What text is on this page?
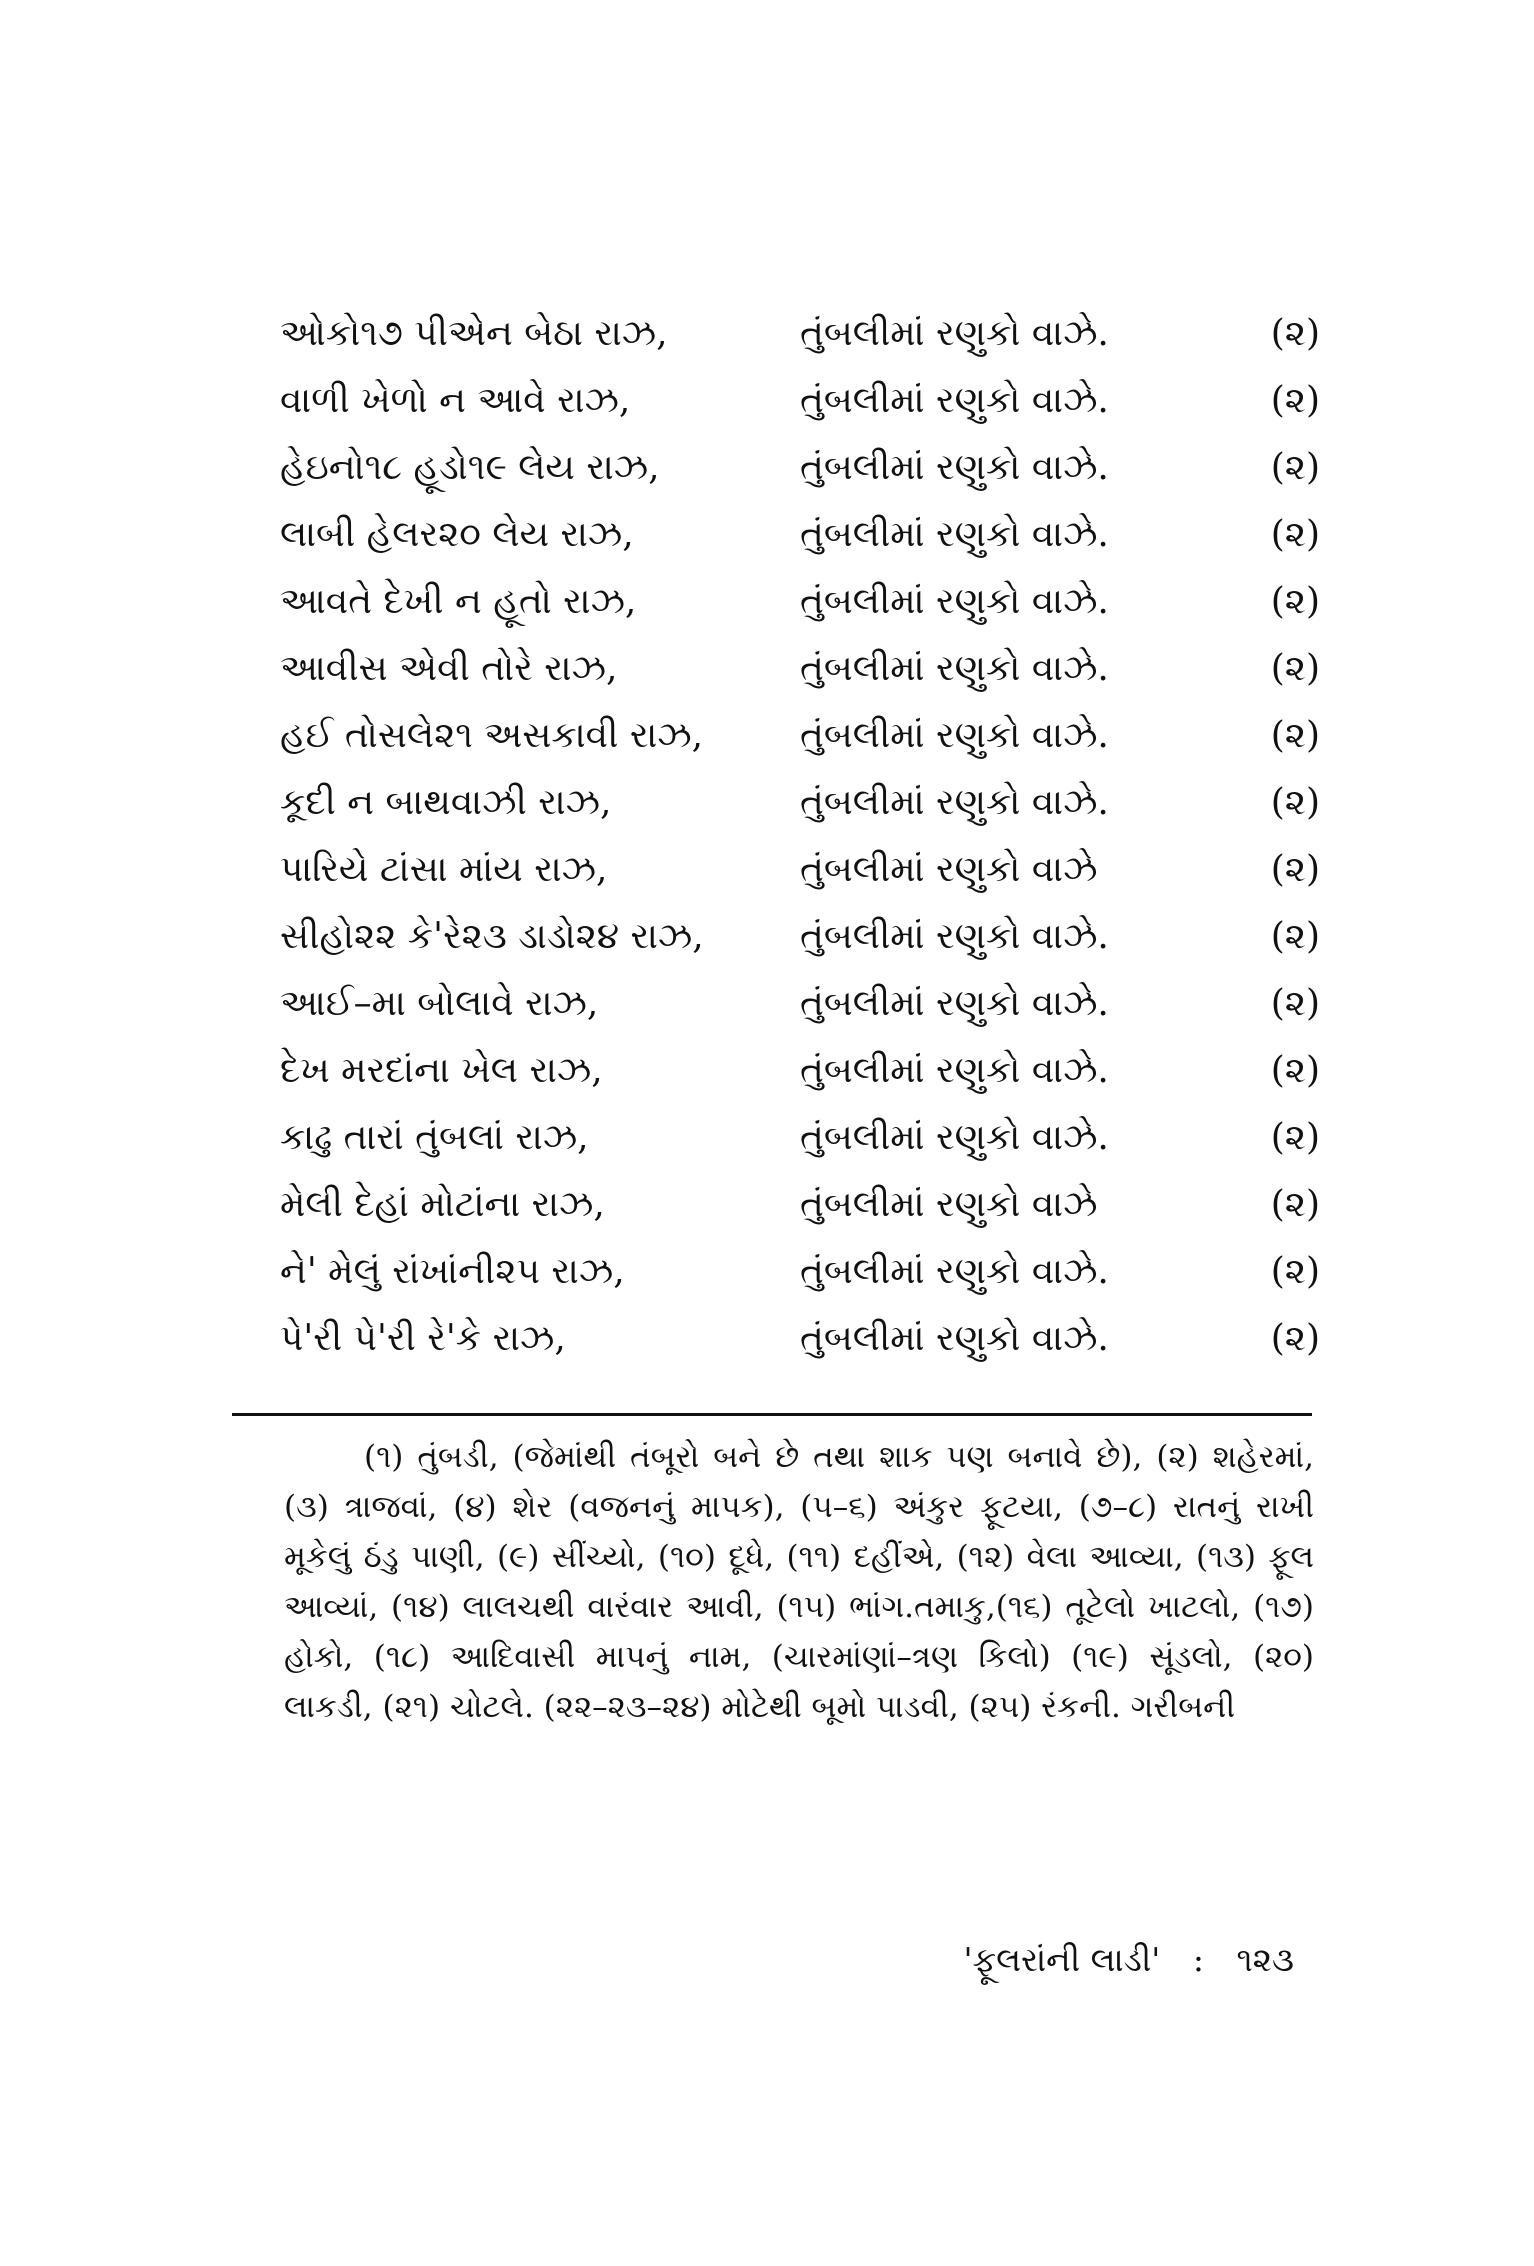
ઓકો૧૭ પીએન બેઠા રાઝ,	તુંબલીમાં રણુકો વાઝે.	(૨)
વાળી ખેળો ન આવે રાઝ,	તુંબલીમાં રણુકો વાઝે.	(૨)
હેઇનો૧૮ હૂડો૧૯ લેય રાઝ,	તુંબલીમાં રણુકો વાઝે.	(૨)
લાબી હેલર૨૦ લેય રાઝ,	તુંબલીમાં રણુકો વાઝે.	(૨)
આવતે દેખી ન હૂતો રાઝ,	તુંબલીમાં રણુકો વાઝે.	(૨)
આવીસ એવી તોરે રાઝ,	તુંબલીમાં રણુકો વાઝે.	(૨)
હઈ તોસલે૨૧ અસકાવી રાઝ,	તુંબલીમાં રણુકો વાઝે.	(૨)
કૂદી ન બાથવાઝી રાઝ,	તુંબલીમાં રણુકો વાઝે.	(૨)
પારિયે ટાંસા માંય રાઝ,	તુંબલીમાં રણુકો વાઝે	(૨)
સીહો૨૨ કે'રે૨૩ ડાડો૨૪ રાઝ,	તુંબલીમાં રણુકો વાઝે.	(૨)
આઈ–મા બોલાવે રાઝ,	તુંબલીમાં રણુકો વાઝે.	(૨)
દેખ મરદાંના ખેલ રાઝ,	તુંબલીમાં રણુકો વાઝે.	(૨)
કાઢુ તારાં તુંબલાં રાઝ,	તુંબલીમાં રણુકો વાઝે.	(૨)
મેલી દેહાં મોટાંના રાઝ,	તુંબલીમાં રણુકો વાઝે	(૨)
ને' મેલું રાંખાંની૨૫ રાઝ,	તુંબલીમાં રણુકો વાઝે.	(૨)
પે'રી પે'રી રે'કે રાઝ,	તુંબલીમાં રણુકો વાઝે.	(૨)

(૧) તુંબડી, (જેમાંથી તંબૂરો બને છે તથા શાક પણ બનાવે છે), (૨) શહેરમાં, (૩) ત્રાજવાં, (૪) શેર (વજનનું માપક), (૫–૬) અંકુર ફૂટયા, (૭–૮) રાતનું રાખી મૂકેલું ઠંડુ પાણી, (૯) સીંચ્યો, (૧૦) દૂધે, (૧૧) દહીંએ, (૧૨) વેલા આવ્યા, (૧૩) ફૂલ આવ્યાં, (૧૪) લાલચથી વારંવાર આવી, (૧૫) ભાંગ.તમાકુ,(૧૬) તૂટેલો ખાટલો, (૧૭) હોકો, (૧૮) આદિવાસી માપનું નામ, (ચારમાંણાં–ત્રણ કિલો) (૧૯) સૂંડલો, (૨૦) લાકડી, (૨૧) ચોટલે. (૨૨–૨૩–૨૪) મોટેથી બૂમો પાડવી, (૨૫) રંકની. ગરીબની

'ફૂલરાંની લાડી' : ૧૨૩
